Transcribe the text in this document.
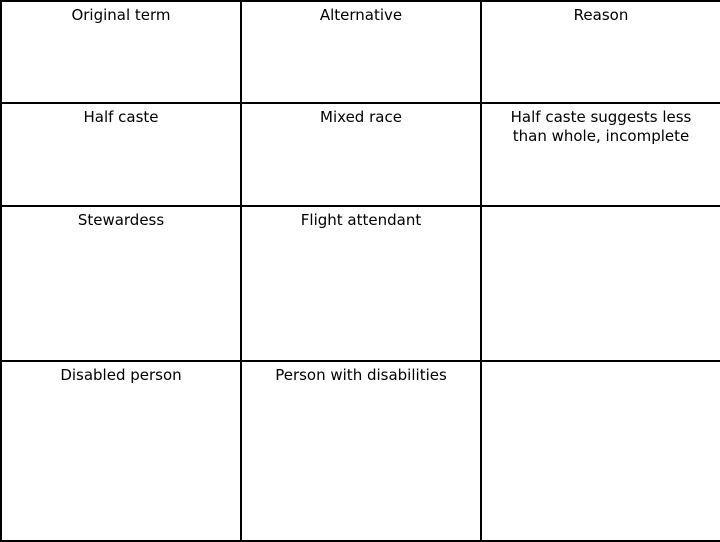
Original term	Alternative	Reason
Half caste	Mixed race	Half caste suggests less than whole, incomplete
Stewardess	Flight attendant	
Disabled person	Person with disabilities	
